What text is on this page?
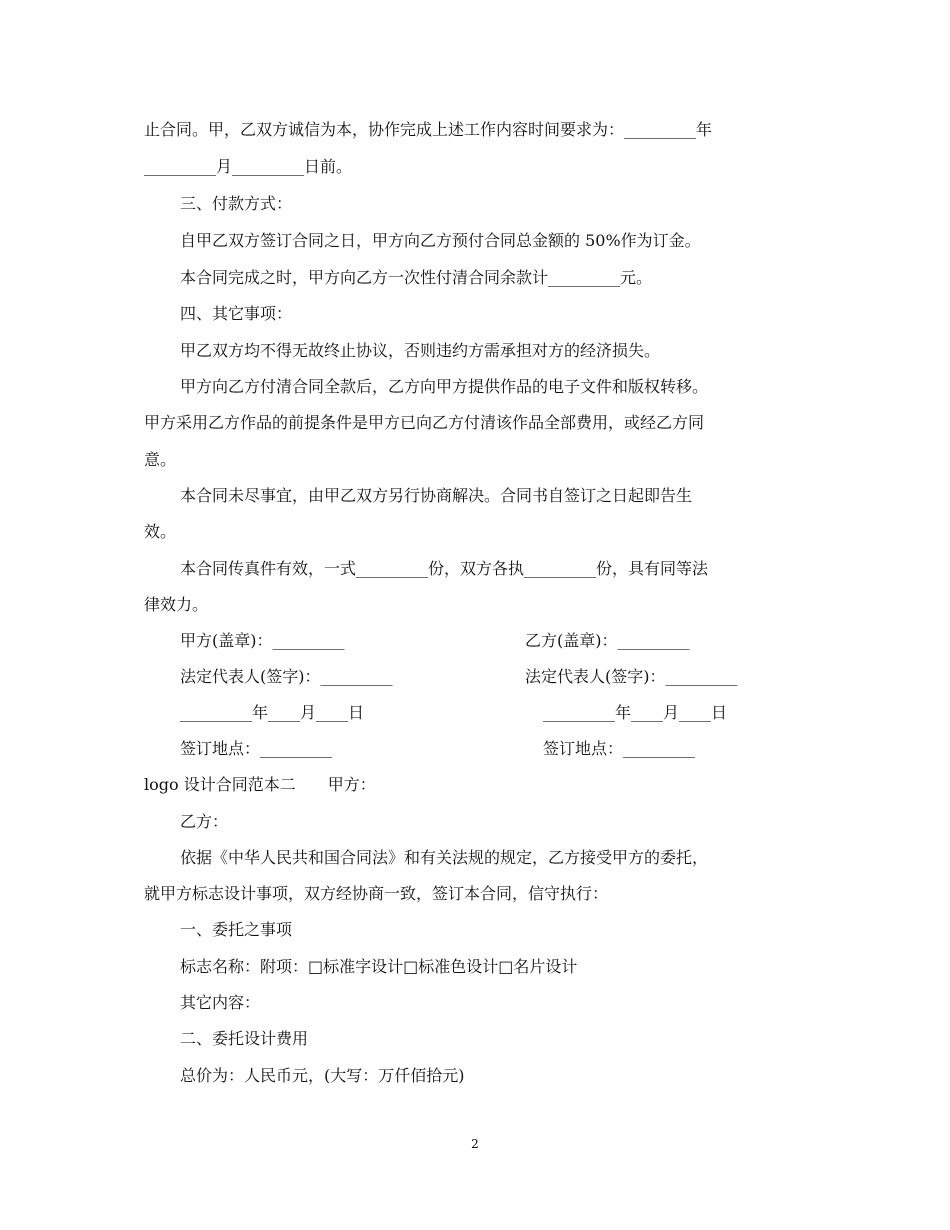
止合同。甲，乙双方诚信为本，协作完成上述工作内容时间要求为：_________年
_________月_________日前。
三、付款方式：
自甲乙双方签订合同之日，甲方向乙方预付合同总金额的 50%作为订金。
本合同完成之时，甲方向乙方一次性付清合同余款计_________元。
四、其它事项：
甲乙双方均不得无故终止协议，否则违约方需承担对方的经济损失。
甲方向乙方付清合同全款后，乙方向甲方提供作品的电子文件和版权转移。
甲方采用乙方作品的前提条件是甲方已向乙方付清该作品全部费用，或经乙方同
意。
本合同未尽事宜，由甲乙双方另行协商解决。合同书自签订之日起即告生
效。
本合同传真件有效，一式_________份，双方各执_________份，具有同等法
律效力。
甲方(盖章)：_________	乙方(盖章)：_________
法定代表人(签字)：_________	法定代表人(签字)：_________
_________年____月____日	_________年____月____日
签订地点：_________	签订地点：_________
logo 设计合同范本二　　甲方：
乙方：
依据《中华人民共和国合同法》和有关法规的规定，乙方接受甲方的委托，
就甲方标志设计事项，双方经协商一致，签订本合同，信守执行：
一、委托之事项
标志名称：附项：□标准字设计□标准色设计□名片设计
其它内容：
二、委托设计费用
总价为：人民币元，(大写：万仟佰拾元)
2
